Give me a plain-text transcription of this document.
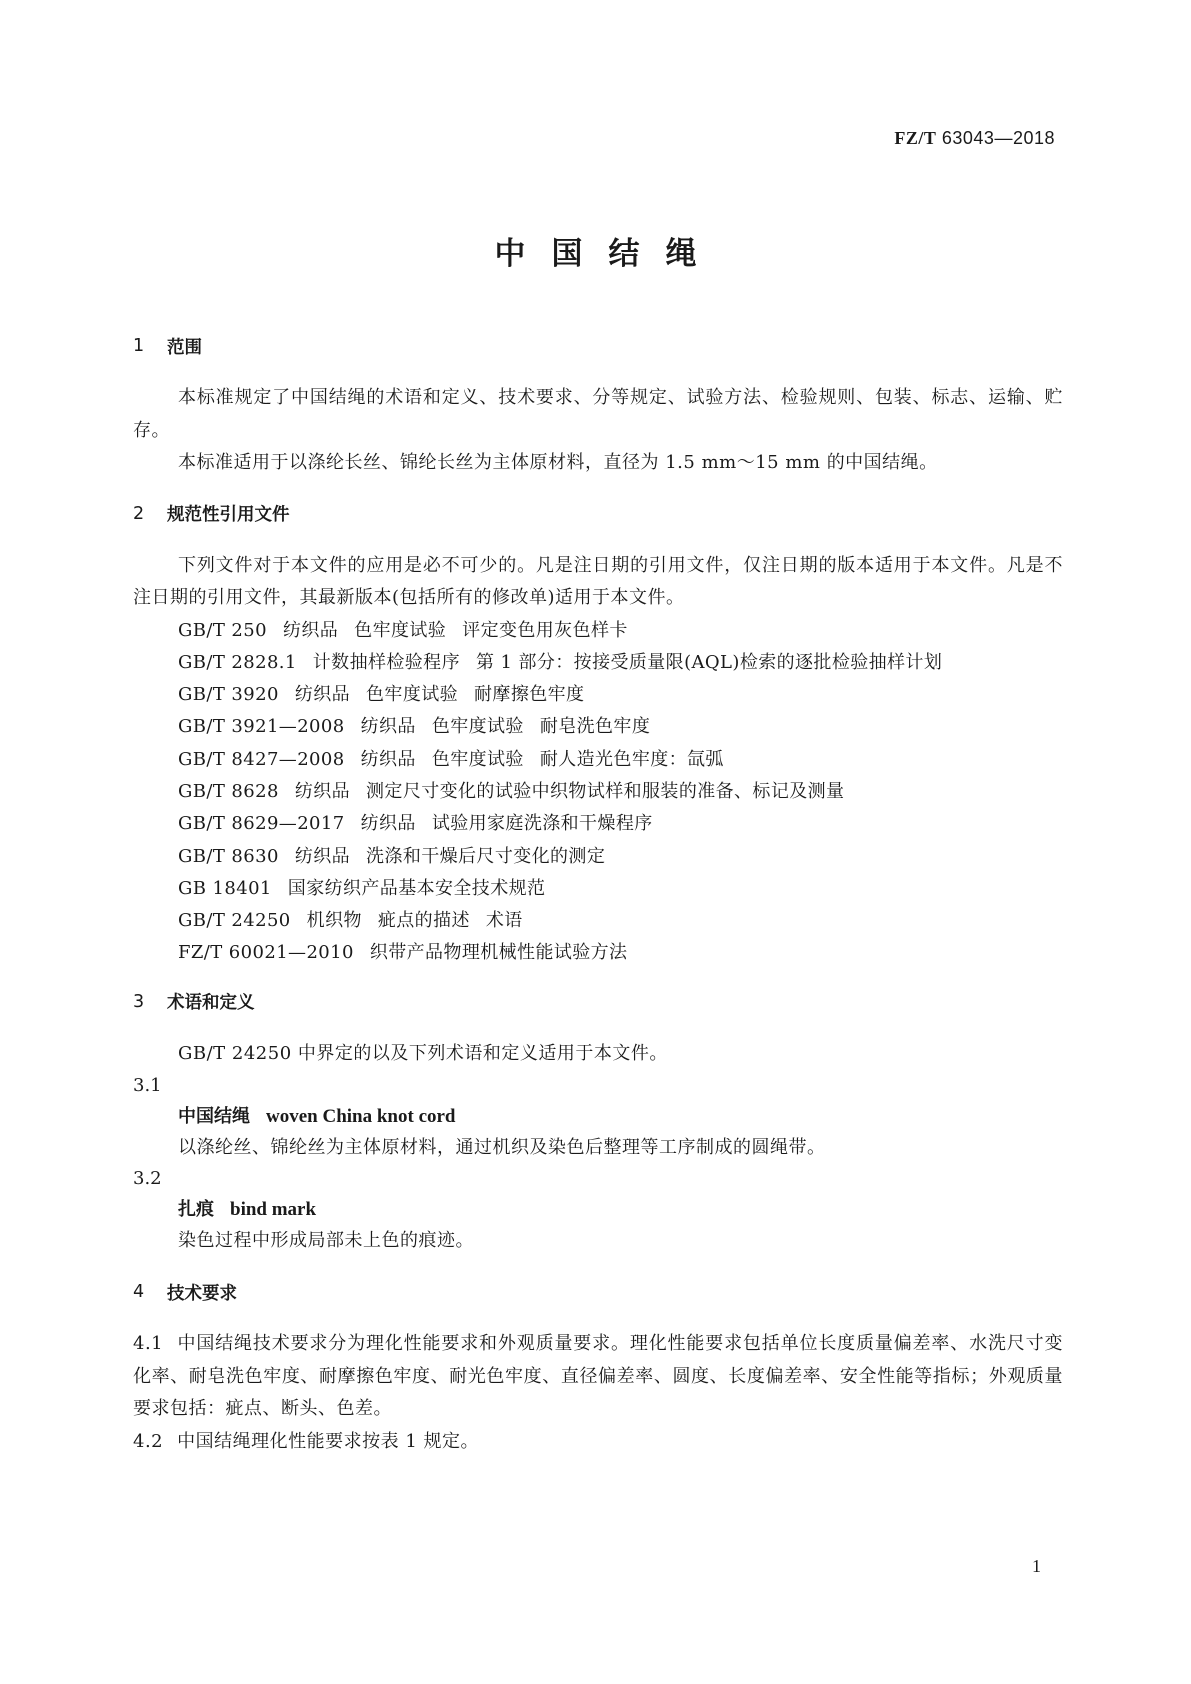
FZ/T 63043—2018
中国结绳
1	范围

本标准规定了中国结绳的术语和定义、技术要求、分等规定、试验方法、检验规则、包装、标志、运输、贮存。

本标准适用于以涤纶长丝、锦纶长丝为主体原材料，直径为 1.5 mm～15 mm 的中国结绳。

2	规范性引用文件

下列文件对于本文件的应用是必不可少的。凡是注日期的引用文件，仅注日期的版本适用于本文件。凡是不注日期的引用文件，其最新版本(包括所有的修改单)适用于本文件。

GB/T 250 纺织品 色牢度试验 评定变色用灰色样卡
GB/T 2828.1 计数抽样检验程序 第 1 部分：按接受质量限(AQL)检索的逐批检验抽样计划
GB/T 3920 纺织品 色牢度试验 耐摩擦色牢度
GB/T 3921—2008 纺织品 色牢度试验 耐皂洗色牢度
GB/T 8427—2008 纺织品 色牢度试验 耐人造光色牢度：氙弧
GB/T 8628 纺织品 测定尺寸变化的试验中织物试样和服装的准备、标记及测量
GB/T 8629—2017 纺织品 试验用家庭洗涤和干燥程序
GB/T 8630 纺织品 洗涤和干燥后尺寸变化的测定
GB 18401 国家纺织产品基本安全技术规范
GB/T 24250 机织物 疵点的描述 术语
FZ/T 60021—2010 织带产品物理机械性能试验方法
3	术语和定义

GB/T 24250 中界定的以及下列术语和定义适用于本文件。

3.1

中国结绳 woven China knot cord
以涤纶丝、锦纶丝为主体原材料，通过机织及染色后整理等工序制成的圆绳带。

3.2

扎痕 bind mark
染色过程中形成局部未上色的痕迹。
4	技术要求

4.1 中国结绳技术要求分为理化性能要求和外观质量要求。理化性能要求包括单位长度质量偏差率、水洗尺寸变化率、耐皂洗色牢度、耐摩擦色牢度、耐光色牢度、直径偏差率、圆度、长度偏差率、安全性能等指标；外观质量要求包括：疵点、断头、色差。

4.2 中国结绳理化性能要求按表 1 规定。

1
